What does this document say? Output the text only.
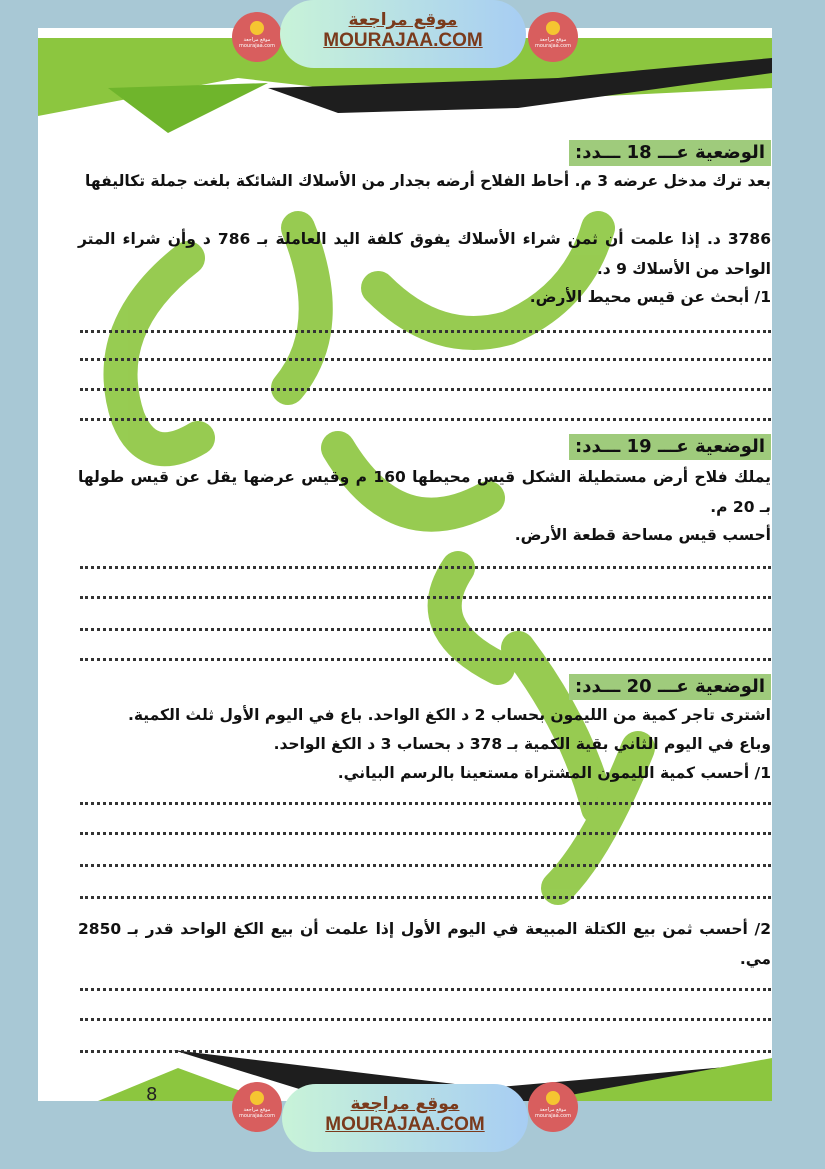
موقع مراجعة
mourajaa.com
موقع مراجعة
MOURAJAA.COM	موقع مراجعة
mourajaa.com
موقع مراجعة
mourajaa.com
موقع مراجعة
MOURAJAA.COM
موقع مراجعة
mourajaa.com
الوضعية عـــ 18 ـــدد:
بعد ترك مدخل عرضه 3 م. أحاط الفلاح أرضه بجدار من الأسلاك الشائكة بلغت جملة تكاليفها
3786 د. إذا علمت أن ثمن شراء الأسلاك يفوق كلفة اليد العاملة بـ 786 د وأن شراء المتر الواحد من الأسلاك 9 د.
1/ أبحث عن قيس محيط الأرض.
الوضعية عـــ 19 ـــدد:
يملك فلاح أرض مستطيلة الشكل قيس محيطها 160 م وقيس عرضها يقل عن قيس طولها بـ 20 م.
أحسب قيس مساحة قطعة الأرض.
الوضعية عـــ 20 ـــدد:
اشترى تاجر كمية من الليمون بحساب 2 د الكغ الواحد. باع في اليوم الأول ثلث الكمية.
وباع في اليوم الثاني بقية الكمية بـ 378 د بحساب 3 د الكغ الواحد.
1/ أحسب كمية الليمون المشتراة مستعينا بالرسم البياني.
2/ أحسب ثمن بيع الكتلة المبيعة في اليوم الأول إذا علمت أن بيع الكغ الواحد قدر بـ 2850 مي.
8
